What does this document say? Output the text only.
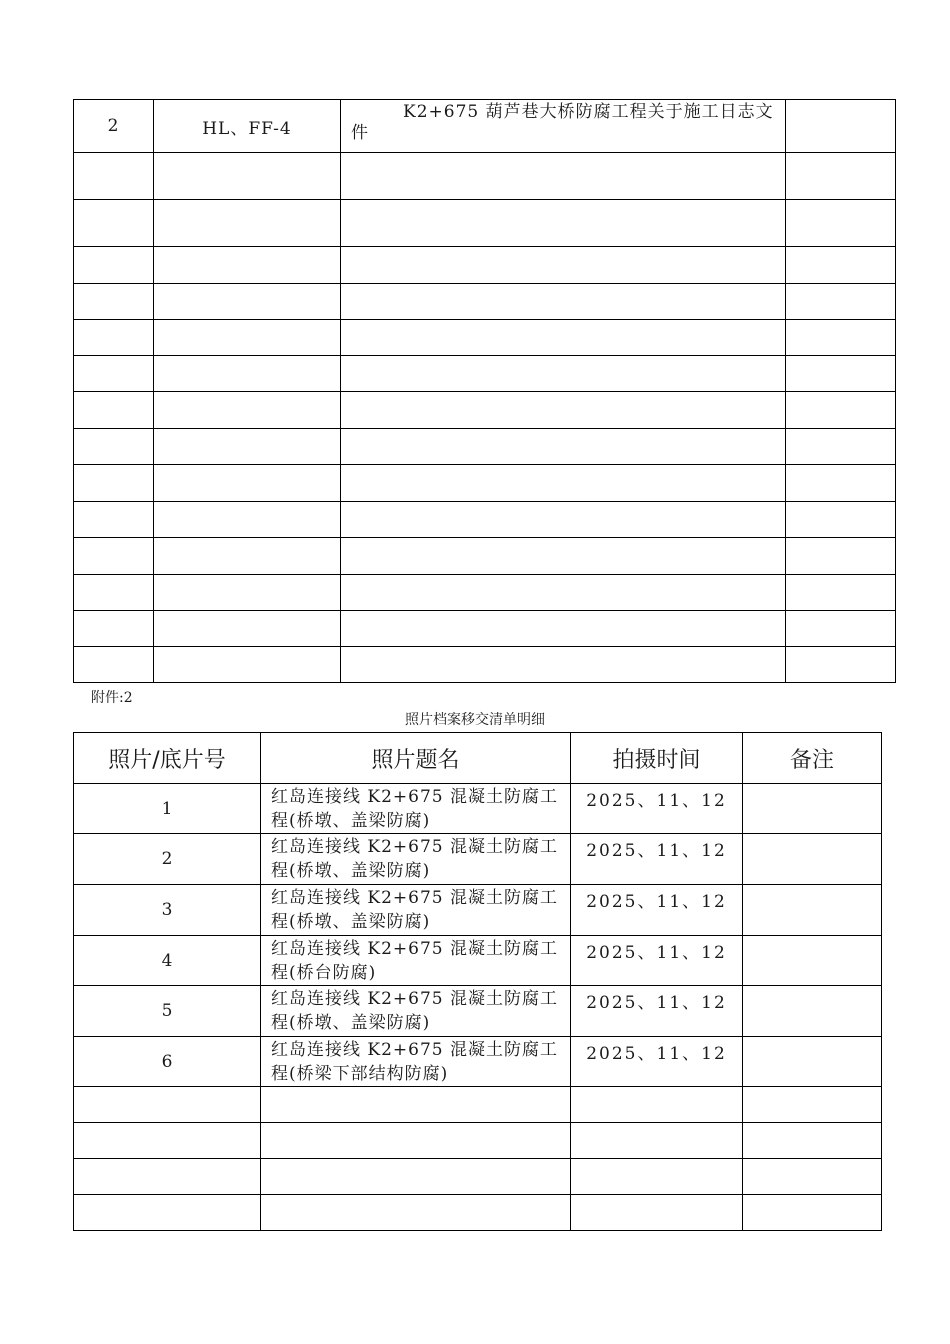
2	HL、FF-4	K2+675 葫芦巷大桥防腐工程关于施工日志文件	

附件:2
照片档案移交清单明细
照片/底片号	照片题名	拍摄时间	备注
1	红岛连接线 K2+675 混凝土防腐工程(桥墩、盖梁防腐)	2025、11、12	
2	红岛连接线 K2+675 混凝土防腐工程(桥墩、盖梁防腐)	2025、11、12	
3	红岛连接线 K2+675 混凝土防腐工程(桥墩、盖梁防腐)	2025、11、12	
4	红岛连接线 K2+675 混凝土防腐工程(桥台防腐)	2025、11、12	
5	红岛连接线 K2+675 混凝土防腐工程(桥墩、盖梁防腐)	2025、11、12	
6	红岛连接线 K2+675 混凝土防腐工程(桥梁下部结构防腐)	2025、11、12	
